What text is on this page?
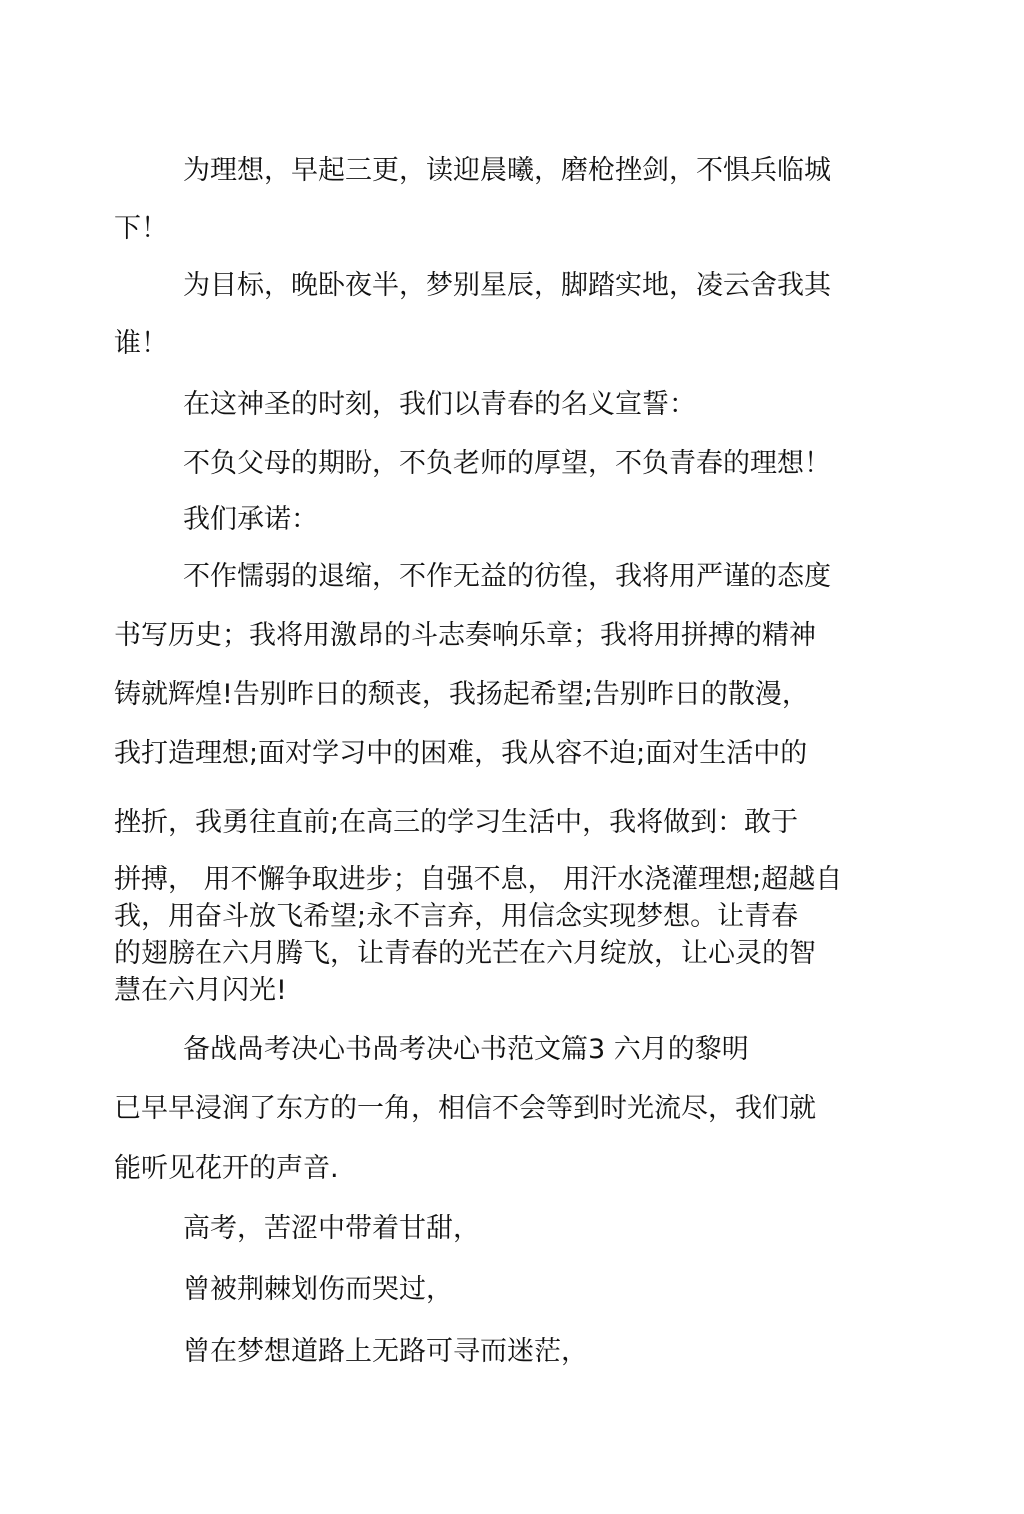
为理想，早起三更，读迎晨曦，磨枪挫剑，不惧兵临城

下！

为目标，晚卧夜半，梦别星辰，脚踏实地，凌云舍我其

谁！

在这神圣的时刻，我们以青春的名义宣誓：

不负父母的期盼，不负老师的厚望，不负青春的理想！

我们承诺：

不作懦弱的退缩，不作无益的彷徨，我将用严谨的态度

书写历史；我将用激昂的斗志奏响乐章；我将用拼搏的精神

铸就辉煌!告别昨日的颓丧，我扬起希望;告别昨日的散漫，

我打造理想;面对学习中的困难，我从容不迫;面对生活中的

挫折，我勇往直前;在高三的学习生活中，我将做到：敢于

拼搏， 用不懈争取进步；自强不息， 用汗水浇灌理想;超越自

我，用奋斗放飞希望;永不言弃，用信念实现梦想。让青春

的翅膀在六月腾飞，让青春的光芒在六月绽放，让心灵的智

慧在六月闪光!

备战咼考决心书咼考决心书范文篇3 六月的黎明

已早早浸润了东方的一角，相信不会等到时光流尽，我们就

能听见花开的声音.

高考，苦涩中带着甘甜，

曾被荆棘划伤而哭过，

曾在梦想道路上无路可寻而迷茫，
